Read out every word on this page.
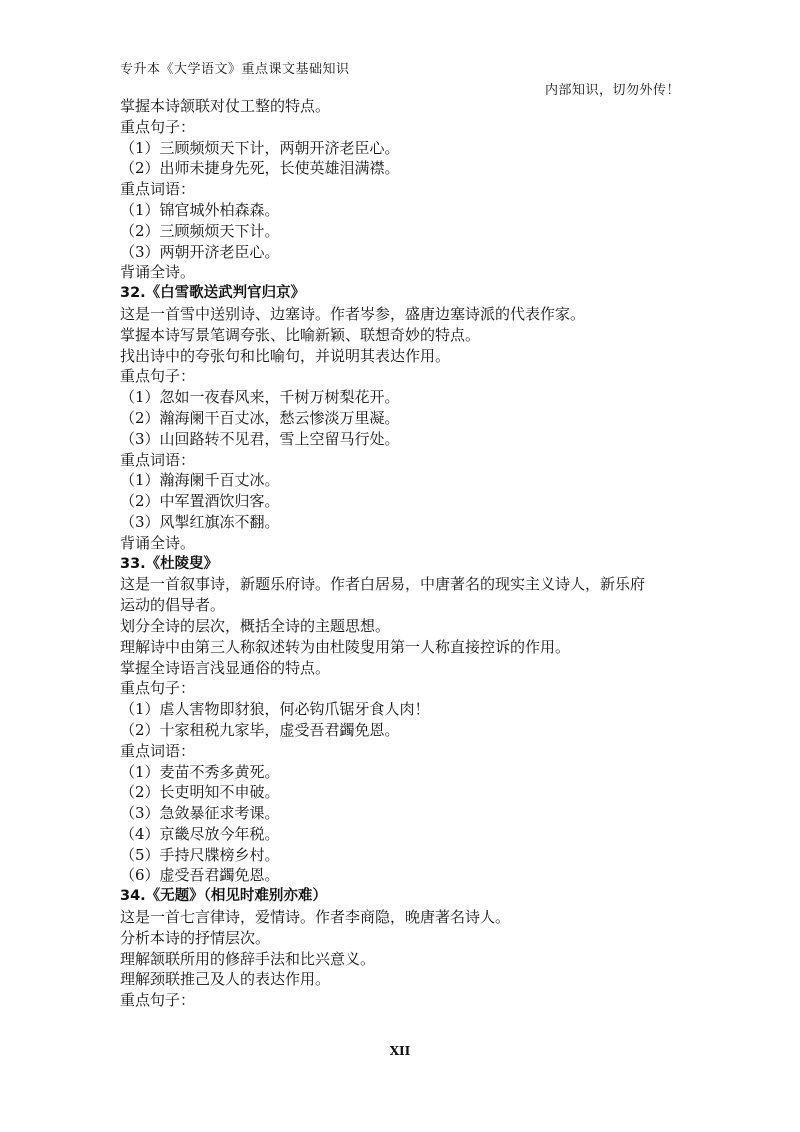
专升本《大学语文》重点课文基础知识
内部知识，切勿外传！
掌握本诗颔联对仗工整的特点。
重点句子：
（1）三顾频烦天下计，两朝开济老臣心。
（2）出师未捷身先死，长使英雄泪满襟。
重点词语：
（1）锦官城外柏森森。
（2）三顾频烦天下计。
（3）两朝开济老臣心。
背诵全诗。
32.《白雪歌送武判官归京》
这是一首雪中送别诗、边塞诗。作者岑参，盛唐边塞诗派的代表作家。
掌握本诗写景笔调夸张、比喻新颖、联想奇妙的特点。
找出诗中的夸张句和比喻句，并说明其表达作用。
重点句子：
（1）忽如一夜春风来，千树万树梨花开。
（2）瀚海阑干百丈冰，愁云惨淡万里凝。
（3）山回路转不见君，雪上空留马行处。
重点词语：
（1）瀚海阑千百丈冰。
（2）中军置酒饮归客。
（3）风掣红旗冻不翻。
背诵全诗。
33.《杜陵叟》
这是一首叙事诗，新题乐府诗。作者白居易，中唐著名的现实主义诗人，新乐府
运动的倡导者。
划分全诗的层次，概括全诗的主题思想。
理解诗中由第三人称叙述转为由杜陵叟用第一人称直接控诉的作用。
掌握全诗语言浅显通俗的特点。
重点句子：
（1）虐人害物即豺狼，何必钩爪锯牙食人肉！
（2）十家租税九家毕，虚受吾君蠲免恩。
重点词语：
（1）麦苗不秀多黄死。
（2）长吏明知不申破。
（3）急敛暴征求考课。
（4）京畿尽放今年税。
（5）手持尺牒榜乡村。
（6）虚受吾君蠲免恩。
34.《无题》（相见时难别亦难）
这是一首七言律诗，爱情诗。作者李商隐，晚唐著名诗人。
分析本诗的抒情层次。
理解颔联所用的修辞手法和比兴意义。
理解颈联推己及人的表达作用。
重点句子：
XII
